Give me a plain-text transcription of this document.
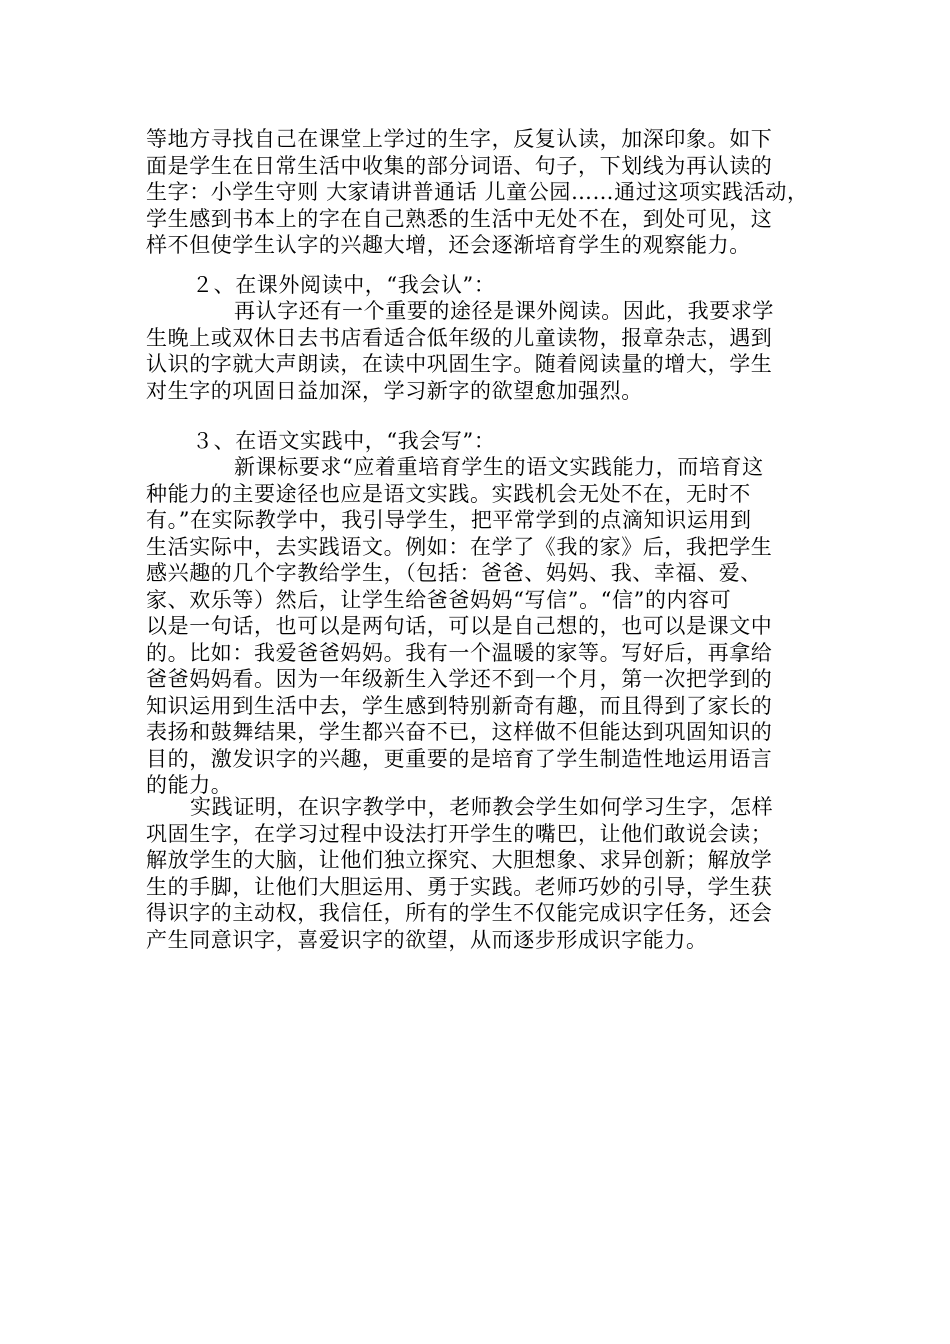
等地方寻找自己在课堂上学过的生字，反复认读，加深印象。如下
面是学生在日常生活中收集的部分词语、句子，下划线为再认读的
生字：小学生守则 大家请讲普通话 儿童公园……通过这项实践活动，
学生感到书本上的字在自己熟悉的生活中无处不在，到处可见，这
样不但使学生认字的兴趣大增，还会逐渐培育学生的观察能力。
２、在课外阅读中，“我会认”：
再认字还有一个重要的途径是课外阅读。因此，我要求学
生晚上或双休日去书店看适合低年级的儿童读物，报章杂志，遇到
认识的字就大声朗读，在读中巩固生字。随着阅读量的增大，学生
对生字的巩固日益加深，学习新字的欲望愈加强烈。
３、在语文实践中，“我会写”：
新课标要求“应着重培育学生的语文实践能力，而培育这
种能力的主要途径也应是语文实践。实践机会无处不在，无时不
有。”在实际教学中，我引导学生，把平常学到的点滴知识运用到
生活实际中，去实践语文。例如：在学了《我的家》后，我把学生
感兴趣的几个字教给学生，（包括：爸爸、妈妈、我、幸福、爱、
家、欢乐等）然后，让学生给爸爸妈妈“写信”。“信”的内容可
以是一句话，也可以是两句话，可以是自己想的，也可以是课文中
的。比如：我爱爸爸妈妈。我有一个温暖的家等。写好后，再拿给
爸爸妈妈看。因为一年级新生入学还不到一个月，第一次把学到的
知识运用到生活中去，学生感到特别新奇有趣，而且得到了家长的
表扬和鼓舞结果，学生都兴奋不已，这样做不但能达到巩固知识的
目的，激发识字的兴趣，更重要的是培育了学生制造性地运用语言
的能力。
实践证明，在识字教学中，老师教会学生如何学习生字，怎样
巩固生字，在学习过程中设法打开学生的嘴巴，让他们敢说会读；
解放学生的大脑，让他们独立探究、大胆想象、求异创新；解放学
生的手脚，让他们大胆运用、勇于实践。老师巧妙的引导，学生获
得识字的主动权，我信任，所有的学生不仅能完成识字任务，还会
产生同意识字，喜爱识字的欲望，从而逐步形成识字能力。
